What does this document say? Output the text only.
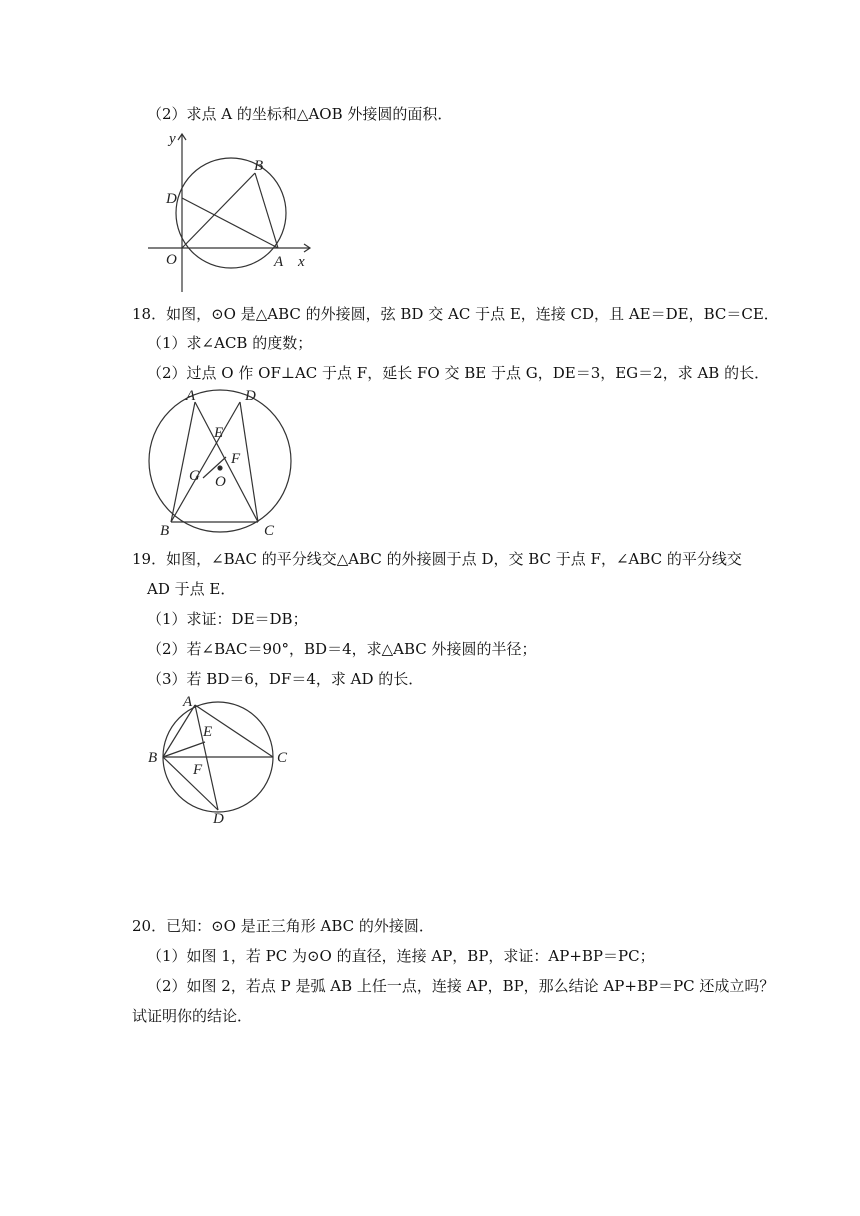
（2）求点 A 的坐标和△AOB 外接圆的面积．
y
x
O	A
B
D
18．如图，⊙O 是△ABC 的外接圆，弦 BD 交 AC 于点 E，连接 CD，且 AE＝DE，BC＝CE．
（1）求∠ACB 的度数；
（2）过点 O 作 OF⊥AC 于点 F，延长 FO 交 BE 于点 G，DE＝3，EG＝2，求 AB 的长．
A	D
E
F
G O
B	C
19．如图，∠BAC 的平分线交△ABC 的外接圆于点 D，交 BC 于点 F，∠ABC 的平分线交
AD 于点 E．
（1）求证：DE＝DB；
（2）若∠BAC＝90°，BD＝4，求△ABC 外接圆的半径；
（3）若 BD＝6，DF＝4，求 AD 的长．
A
B	C
D
E
F
20．已知：⊙O 是正三角形 ABC 的外接圆．
（1）如图 1，若 PC 为⊙O 的直径，连接 AP，BP，求证：AP+BP＝PC；
（2）如图 2，若点 P 是弧 AB 上任一点，连接 AP，BP，那么结论 AP+BP＝PC 还成立吗？
试证明你的结论．
